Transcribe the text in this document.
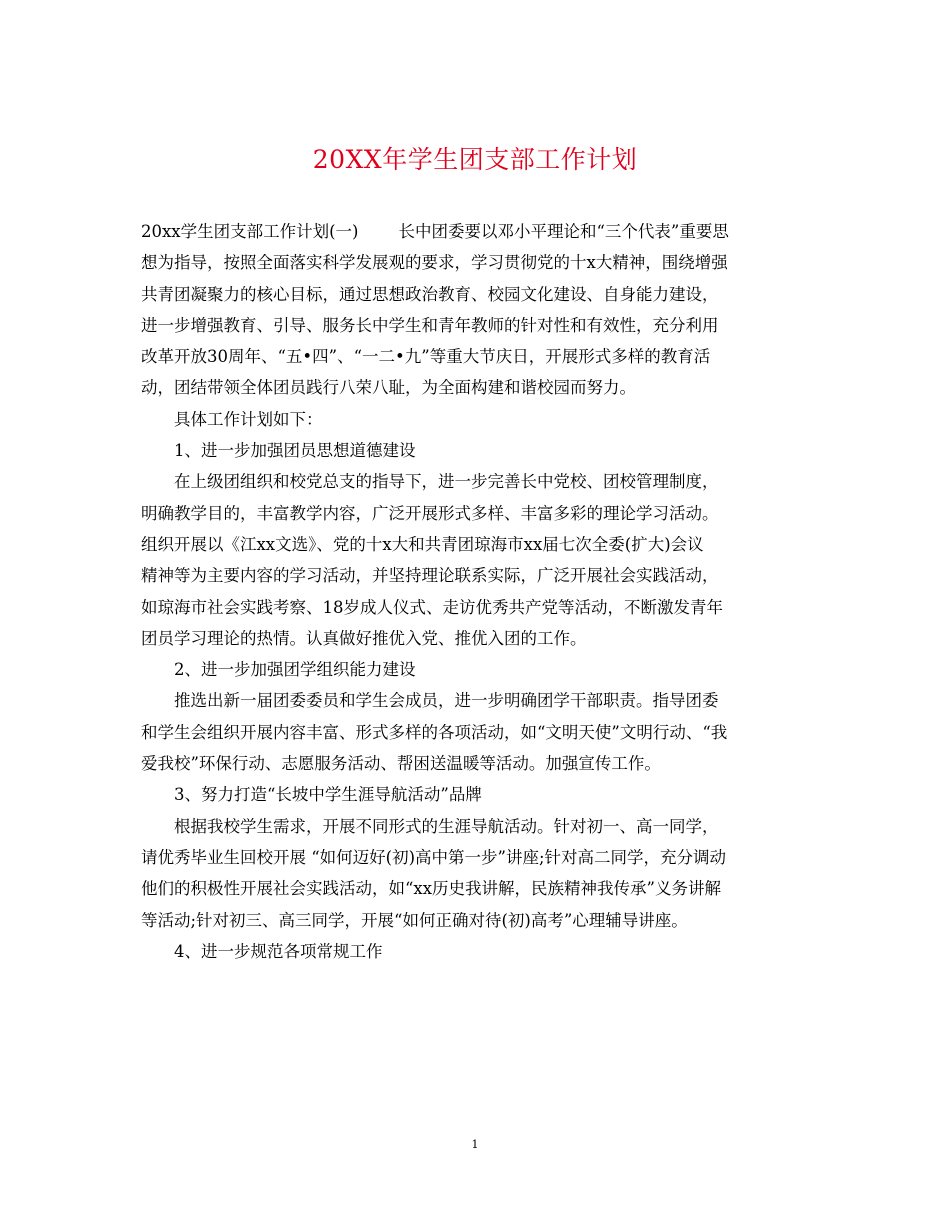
20XX年学生团支部工作计划
20xx学生团支部工作计划(一) 长中团委要以邓小平理论和“三个代表”重要思
想为指导，按照全面落实科学发展观的要求，学习贯彻党的十x大精神，围绕增强
共青团凝聚力的核心目标，通过思想政治教育、校园文化建设、自身能力建设，
进一步增强教育、引导、服务长中学生和青年教师的针对性和有效性，充分利用
改革开放30周年、“五•四”、“一二•九”等重大节庆日，开展形式多样的教育活
动，团结带领全体团员践行八荣八耻，为全面构建和谐校园而努力。
具体工作计划如下：
1、进一步加强团员思想道德建设
在上级团组织和校党总支的指导下，进一步完善长中党校、团校管理制度，
明确教学目的，丰富教学内容，广泛开展形式多样、丰富多彩的理论学习活动。
组织开展以《江xx文选》、党的十x大和共青团琼海市xx届七次全委(扩大)会议
精神等为主要内容的学习活动，并坚持理论联系实际，广泛开展社会实践活动，
如琼海市社会实践考察、18岁成人仪式、走访优秀共产党等活动，不断激发青年
团员学习理论的热情。认真做好推优入党、推优入团的工作。
2、进一步加强团学组织能力建设
推选出新一届团委委员和学生会成员，进一步明确团学干部职责。指导团委
和学生会组织开展内容丰富、形式多样的各项活动，如“文明天使”文明行动、“我
爱我校”环保行动、志愿服务活动、帮困送温暖等活动。加强宣传工作。
3、努力打造“长坡中学生涯导航活动”品牌
根据我校学生需求，开展不同形式的生涯导航活动。针对初一、高一同学，
请优秀毕业生回校开展 “如何迈好(初)高中第一步”讲座;针对高二同学，充分调动
他们的积极性开展社会实践活动，如“xx历史我讲解，民族精神我传承”义务讲解
等活动;针对初三、高三同学，开展“如何正确对待(初)高考”心理辅导讲座。
4、进一步规范各项常规工作
1
